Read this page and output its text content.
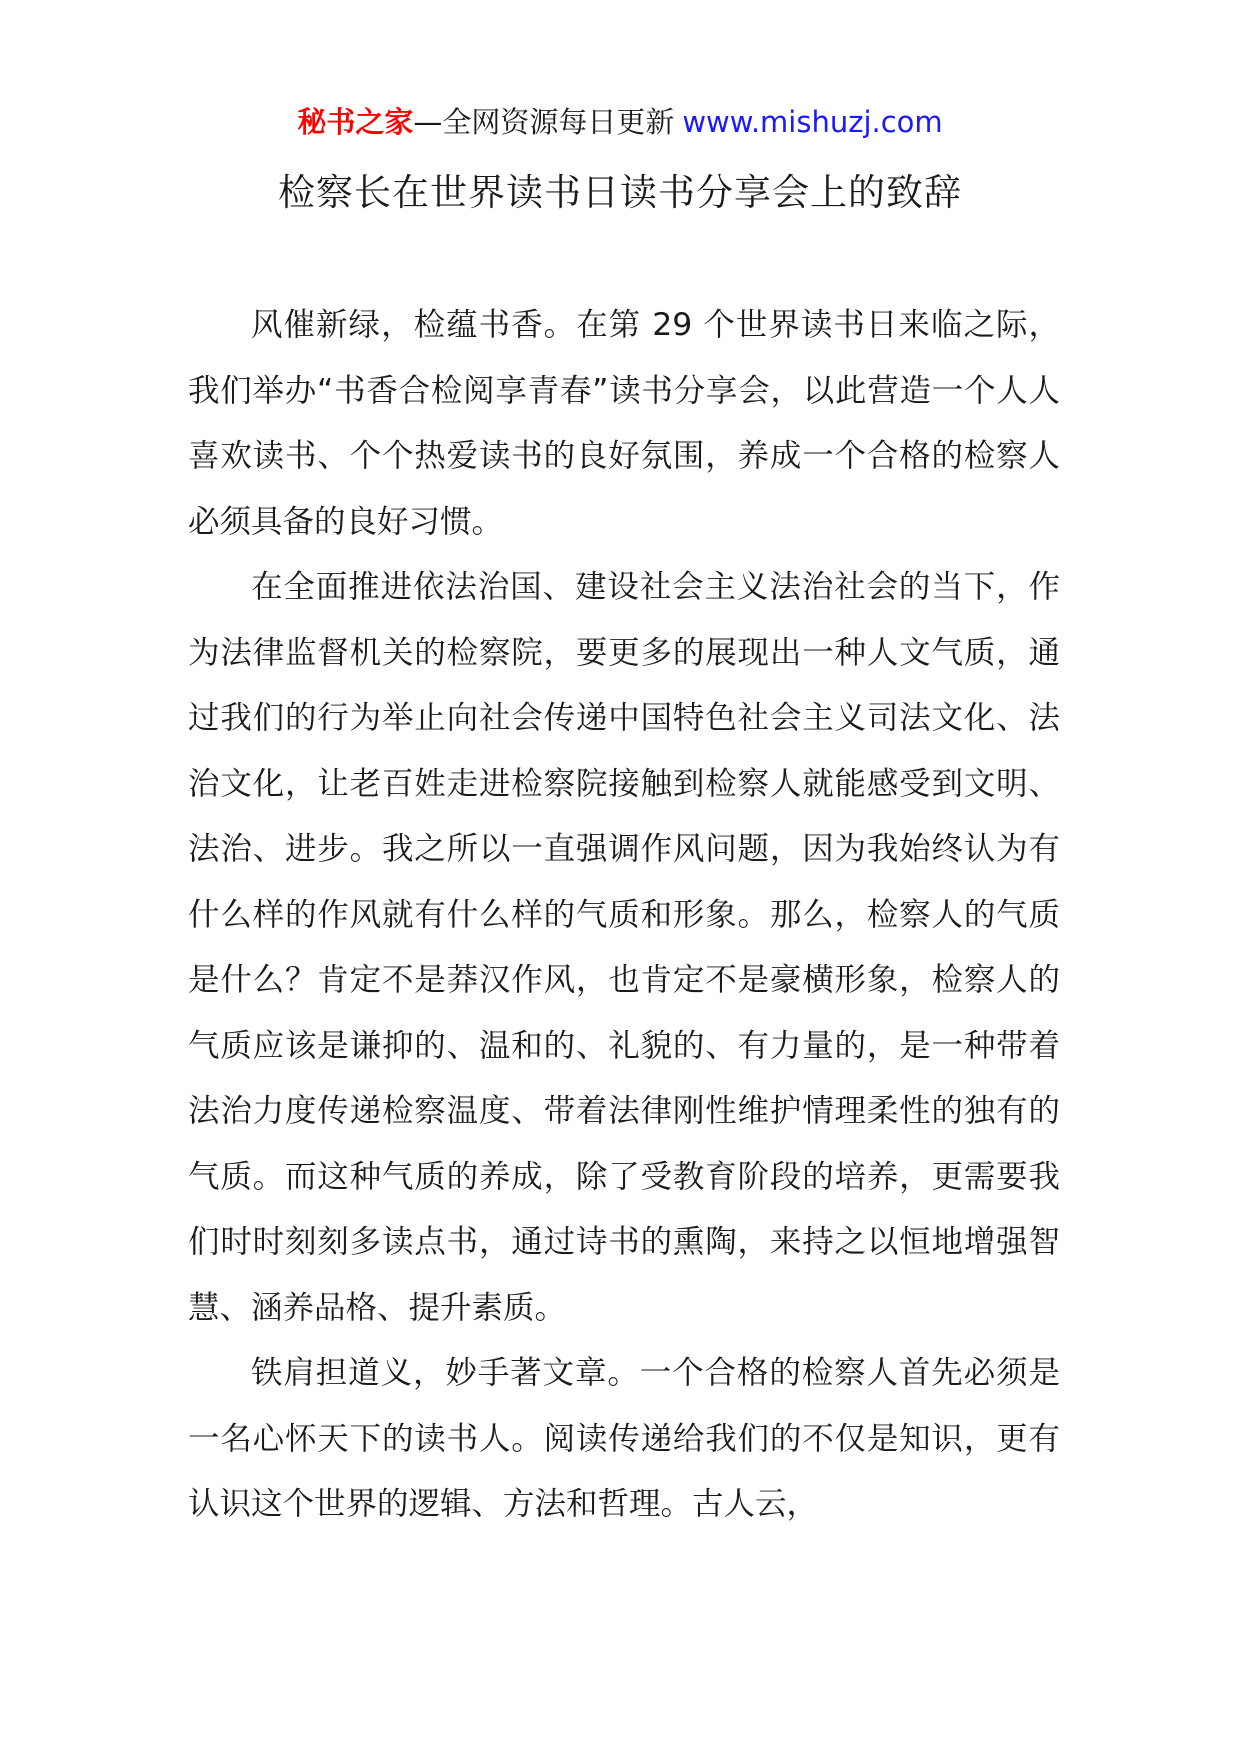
秘书之家—全网资源每日更新 www.mishuzj.com
检察长在世界读书日读书分享会上的致辞

风催新绿，检蕴书香。在第 29 个世界读书日来临之际，我们举办“书香合检阅享青春”读书分享会，以此营造一个人人喜欢读书、个个热爱读书的良好氛围，养成一个合格的检察人必须具备的良好习惯。

在全面推进依法治国、建设社会主义法治社会的当下，作为法律监督机关的检察院，要更多的展现出一种人文气质，通过我们的行为举止向社会传递中国特色社会主义司法文化、法治文化，让老百姓走进检察院接触到检察人就能感受到文明、法治、进步。我之所以一直强调作风问题，因为我始终认为有什么样的作风就有什么样的气质和形象。那么，检察人的气质是什么？肯定不是莽汉作风，也肯定不是豪横形象，检察人的气质应该是谦抑的、温和的、礼貌的、有力量的，是一种带着法治力度传递检察温度、带着法律刚性维护情理柔性的独有的气质。而这种气质的养成，除了受教育阶段的培养，更需要我们时时刻刻多读点书，通过诗书的熏陶，来持之以恒地增强智慧、涵养品格、提升素质。

铁肩担道义，妙手著文章。一个合格的检察人首先必须是一名心怀天下的读书人。阅读传递给我们的不仅是知识，更有认识这个世界的逻辑、方法和哲理。古人云，
